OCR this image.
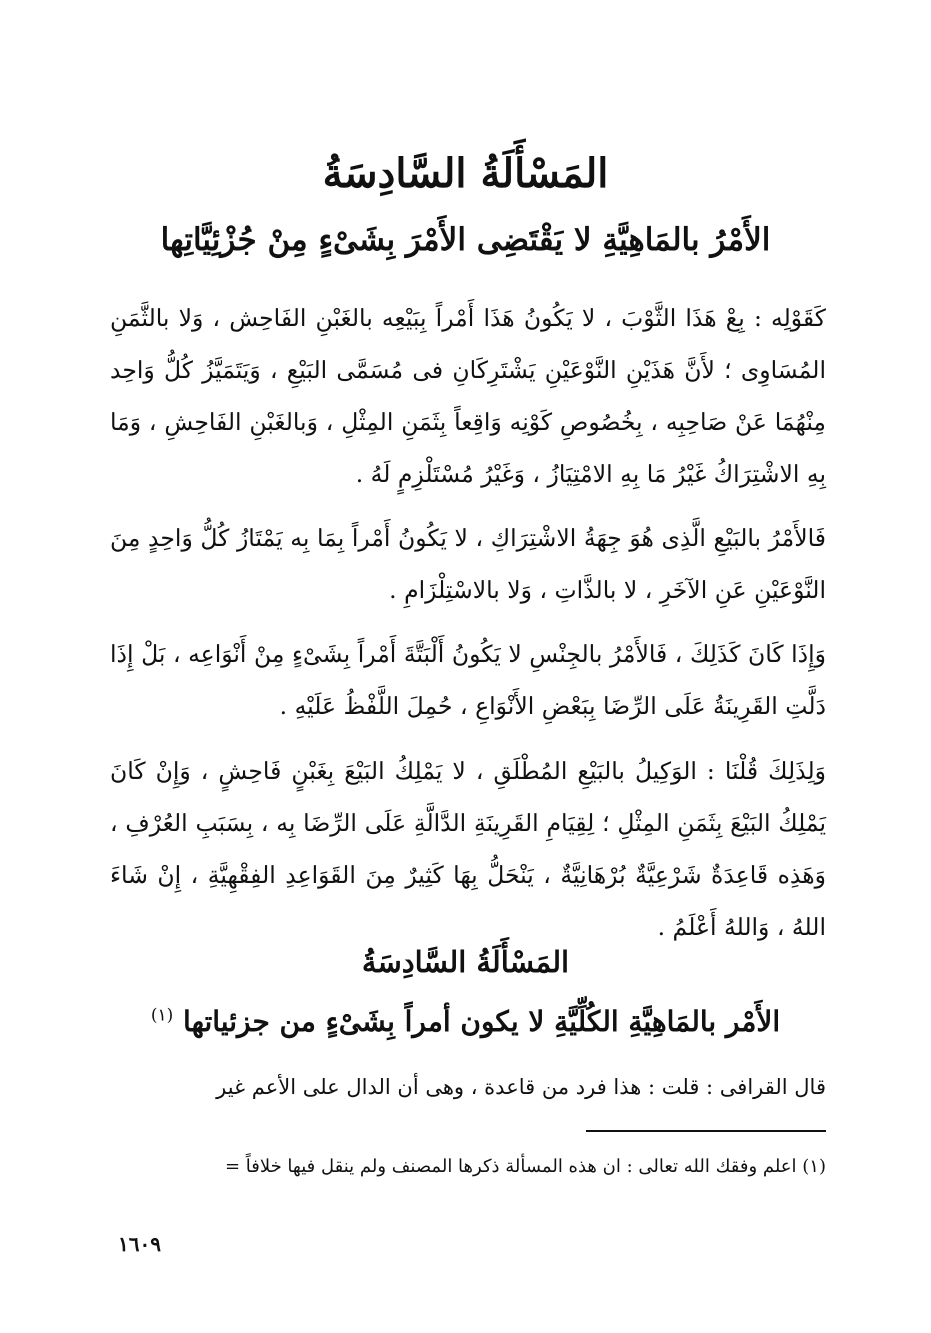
المَسْأَلَةُ السَّادِسَةُ
الأَمْرُ بالمَاهِيَّةِ لا يَقْتَضِى الأَمْرَ بِشَىْءٍ مِنْ جُزْئِيَّاتِها
كَقَوْلِه : بِعْ هَذَا الثَّوْبَ ، لا يَكُونُ هَذَا أَمْراً بِبَيْعِه بالغَبْنِ الفَاحِش ، وَلا بالثَّمَنِ المُسَاوِى ؛ لأَنَّ هَذَيْنِ النَّوْعَيْنِ يَشْتَرِكَانِ فى مُسَمَّى البَيْعِ ، وَيَتَمَيَّزُ كُلُّ وَاحِد مِنْهُمَا عَنْ صَاحِبِه ، بِخُصُوصِ كَوْنِه وَاقِعاً بِثَمَنِ المِثْلِ ، وَبالغَبْنِ الفَاحِشِ ، وَمَا بِهِ الاشْتِرَاكُ غَيْرُ مَا بِهِ الامْتِيَازُ ، وَغَيْرُ مُسْتَلْزِمٍ لَهُ .
فَالأَمْرُ بالبَيْعِ الَّذِى هُوَ جِهَةُ الاشْتِرَاكِ ، لا يَكُونُ أَمْراً بِمَا بِه يَمْتَازُ كُلُّ وَاحِدٍ مِنَ النَّوْعَيْنِ عَنِ الآخَرِ ، لا بالذَّاتِ ، وَلا بالاسْتِلْزَامِ .
وَإِذَا كَانَ كَذَلِكَ ، فَالأَمْرُ بالجِنْسِ لا يَكُونُ أَلْبَتَّةَ أَمْراً بِشَىْءٍ مِنْ أَنْوَاعِه ، بَلْ إِذَا دَلَّتِ القَرِينَةُ عَلَى الرِّضَا بِبَعْضِ الأَنْوَاعِ ، حُمِلَ اللَّفْظُ عَلَيْهِ .
وَلِذَلِكَ قُلْنَا : الوَكِيلُ بالبَيْعِ المُطْلَقِ ، لا يَمْلِكُ البَيْعَ بِغَبْنٍ فَاحِشٍ ، وَإِنْ كَانَ يَمْلِكُ البَيْعَ بِثَمَنِ المِثْلِ ؛ لِقِيَامِ القَرِينَةِ الدَّالَّةِ عَلَى الرِّضَا بِه ، بِسَبَبِ العُرْفِ ، وَهَذِه قَاعِدَةٌ شَرْعِيَّةٌ بُرْهَانِيَّةٌ ، يَنْحَلُّ بِهَا كَثِيرٌ مِنَ القَوَاعِدِ الفِقْهِيَّةِ ، إِنْ شَاءَ اللهُ ، وَاللهُ أَعْلَمُ .
المَسْأَلَةُ السَّادِسَةُ
الأَمْر بالمَاهِيَّةِ الكُلِّيَّةِ لا يكون أمراً بِشَىْءٍ من جزئياتها $^{(١)}$
قال القرافى : قلت : هذا فرد من قاعدة ، وهى أن الدال على الأعم غير
(١) اعلم وفقك الله تعالى : ان هذه المسألة ذكرها المصنف ولم ينقل فيها خلافاً =
١٦٠٩
